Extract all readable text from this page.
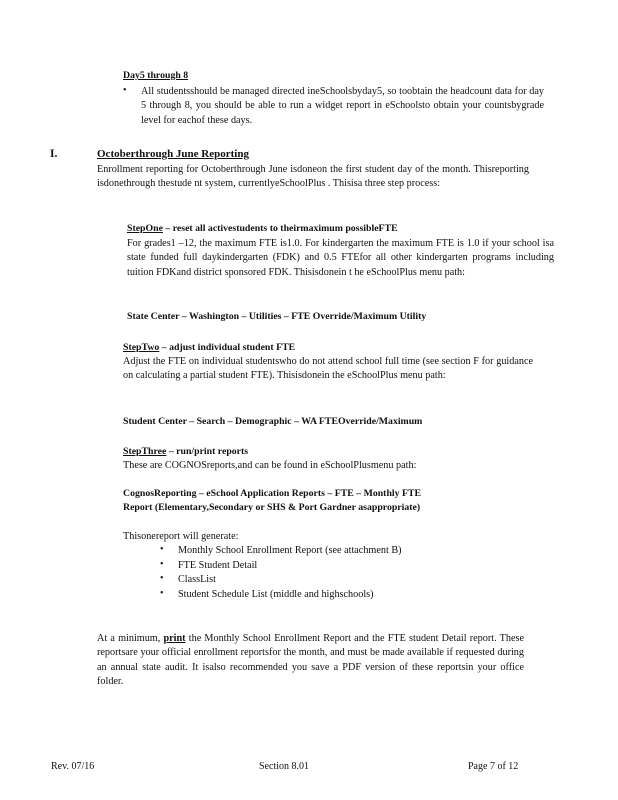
Day5 through 8
• All studentsshould be managed directed ineSchoolsbyday5, so toobtain the headcount data for day 5 through 8, you should be able to run a widget report in eSchoolsto obtain your countsbygrade level for eachof these days.
I.	Octoberthrough June Reporting
Enrollment reporting for Octoberthrough June isdoneon the first student day of the month. Thisreporting isdonethrough thestude nt system, currentlyeSchoolPlus . Thisisa three step process:
StepOne – reset all activestudents to theirmaximum possibleFTE
For grades1 –12, the maximum FTE is1.0. For kindergarten the maximum FTE is 1.0 if your school isa state funded full daykindergarten (FDK) and 0.5 FTEfor all other kindergarten programs including tuition FDKand district sponsored FDK. Thisisdonein t he eSchoolPlus menu path:
State Center – Washington – Utilities – FTE Override/Maximum Utility
StepTwo – adjust individual student FTE
Adjust the FTE on individual studentswho do not attend school full time (see section F for guidance on calculating a partial student FTE). Thisisdonein the eSchoolPlus menu path:
Student Center – Search – Demographic – WA FTEOverride/Maximum
StepThree – run/print reports
These are COGNOSreports,and can be found in eSchoolPlusmenu path:
CognosReporting – eSchool Application Reports – FTE – Monthly FTE
Report (Elementary,Secondary or SHS & Port Gardner asappropriate)
Thisonereport will generate:
• Monthly School Enrollment Report (see attachment B)
• FTE Student Detail
• ClassList
• Student Schedule List (middle and highschools)
At a minimum, print the Monthly School Enrollment Report and the FTE student Detail report. These reportsare your official enrollment reportsfor the month, and must be made available if requested during an annual state audit. It isalso recommended you save a PDF version of these reportsin your office folder.
Rev. 07/16	Section 8.01	Page 7 of 12
